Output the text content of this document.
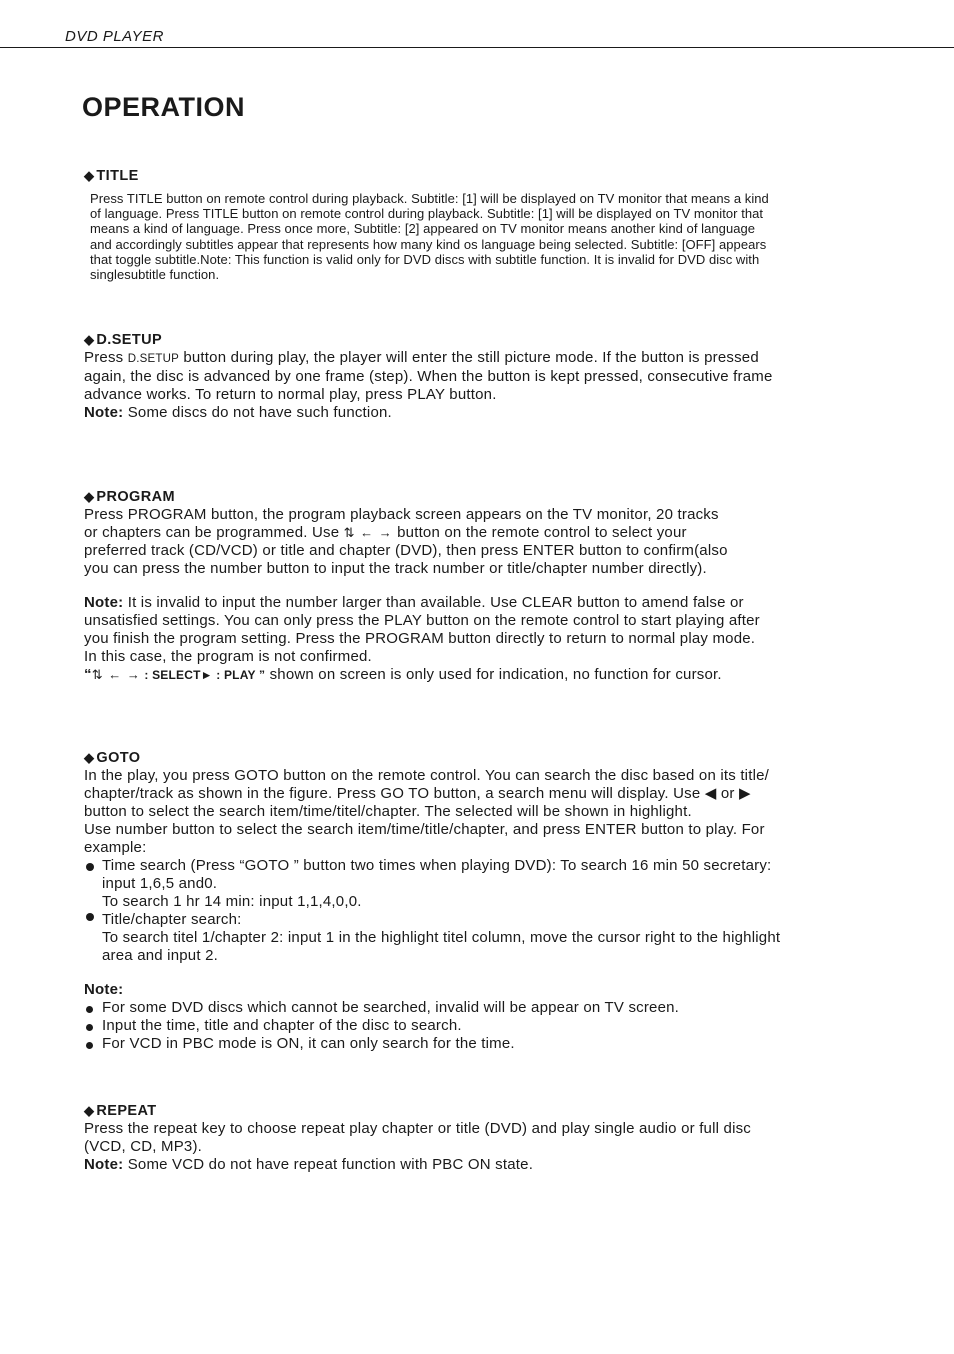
DVD PLAYER
OPERATION
◆ TITLE
Press TITLE button on remote control during playback. Subtitle: [1] will be displayed on TV monitor that means a kind
of language. Press TITLE button on remote control during playback. Subtitle: [1] will be displayed on TV monitor that
means a kind of language. Press once more, Subtitle: [2] appeared on TV monitor means another kind of language
and accordingly subtitles appear that represents how many kind os language being selected. Subtitle: [OFF] appears
that toggle subtitle.Note: This function is valid only for DVD discs with subtitle function. It is invalid for DVD disc with
singlesubtitle function.
◆ D.SETUP
Press D.SETUP button during play, the player will enter the still picture mode. If the button is pressed
again, the disc is advanced by one frame (step). When the button is kept pressed, consecutive frame
advance works. To return to normal play, press PLAY button.
Note: Some discs do not have such function.
◆ PROGRAM
Press PROGRAM button, the program playback screen appears on the TV monitor, 20 tracks
or chapters can be programmed. Use ⇅ ← → button on the remote control to select your
preferred track (CD/VCD) or title and chapter (DVD), then press ENTER button to confirm(also
you can press the number button to input the track number or title/chapter number directly).
Note: It is invalid to input the number larger than available. Use CLEAR button to amend false or
unsatisfied settings. You can only press the PLAY button on the remote control to start playing after
you finish the program setting. Press the PROGRAM button directly to return to normal play mode.
In this case, the program is not confirmed.
“⇅ ← → : SELECT► : PLAY ” shown on screen is only used for indication, no function for cursor.
◆ GOTO
In the play, you press GOTO button on the remote control. You can search the disc based on its title/
chapter/track as shown in the figure. Press GO TO button, a search menu will display. Use ◀ or ▶
button to select the search item/time/titel/chapter. The selected will be shown in highlight.
Use number button to select the search item/time/title/chapter, and press ENTER button to play. For
example:
Time search (Press “GOTO ” button two times when playing DVD): To search 16 min 50 secretary:
input 1,6,5 and0.
To search 1 hr 14 min: input 1,1,4,0,0.
Title/chapter search:
To search titel 1/chapter 2: input 1 in the highlight titel column, move the cursor right to the highlight
area and input 2.
Note:
For some DVD discs which cannot be searched, invalid will be appear on TV screen.
Input the time, title and chapter of the disc to search.
For VCD in PBC mode is ON, it can only search for the time.
◆ REPEAT
Press the repeat key to choose repeat play chapter or title (DVD) and play single audio or full disc
(VCD, CD, MP3).
Note: Some VCD do not have repeat function with PBC ON state.
